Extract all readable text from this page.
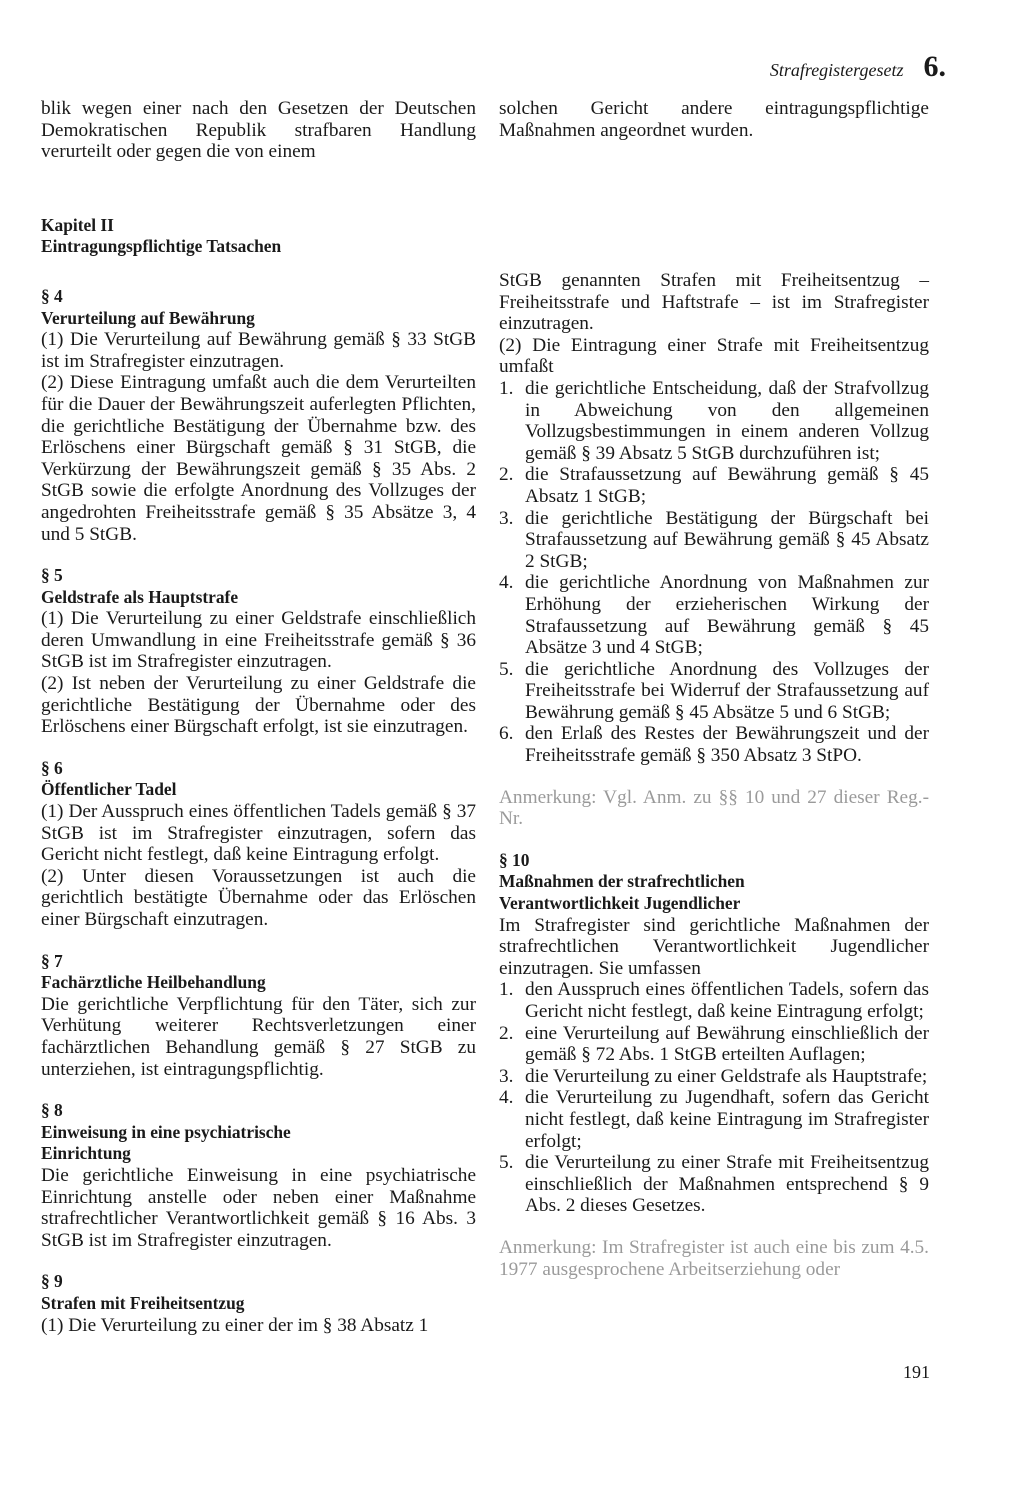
Strafregistergesetz 6.

blik wegen einer nach den Gesetzen der Deutschen Demokratischen Republik strafbaren Handlung verurteilt oder gegen die von einem

Kapitel II

Eintragungspflichtige Tatsachen

§ 4

Verurteilung auf Bewährung

(1) Die Verurteilung auf Bewährung gemäß § 33 StGB ist im Strafregister einzutragen.

(2) Diese Eintragung umfaßt auch die dem Verurteilten für die Dauer der Bewährungszeit auferlegten Pflichten, die gerichtliche Bestätigung der Übernahme bzw. des Erlöschens einer Bürgschaft gemäß § 31 StGB, die Verkürzung der Bewährungszeit gemäß § 35 Abs. 2 StGB sowie die erfolgte Anordnung des Vollzuges der angedrohten Freiheitsstrafe gemäß § 35 Absätze 3, 4 und 5 StGB.

§ 5

Geldstrafe als Hauptstrafe

(1) Die Verurteilung zu einer Geldstrafe einschließlich deren Umwandlung in eine Freiheitsstrafe gemäß § 36 StGB ist im Strafregister einzutragen.

(2) Ist neben der Verurteilung zu einer Geldstrafe die gerichtliche Bestätigung der Übernahme oder des Erlöschens einer Bürgschaft erfolgt, ist sie einzutragen.

§ 6

Öffentlicher Tadel

(1) Der Ausspruch eines öffentlichen Tadels gemäß § 37 StGB ist im Strafregister einzutragen, sofern das Gericht nicht festlegt, daß keine Eintragung erfolgt.

(2) Unter diesen Voraussetzungen ist auch die gerichtlich bestätigte Übernahme oder das Erlöschen einer Bürgschaft einzutragen.

§ 7

Fachärztliche Heilbehandlung

Die gerichtliche Verpflichtung für den Täter, sich zur Verhütung weiterer Rechtsverletzungen einer fachärztlichen Behandlung gemäß § 27 StGB zu unterziehen, ist eintragungspflichtig.

§ 8

Einweisung in eine psychiatrische

Einrichtung

Die gerichtliche Einweisung in eine psychiatrische Einrichtung anstelle oder neben einer Maßnahme strafrechtlicher Verantwortlichkeit gemäß § 16 Abs. 3 StGB ist im Strafregister einzutragen.

§ 9

Strafen mit Freiheitsentzug

(1) Die Verurteilung zu einer der im § 38 Absatz 1

solchen Gericht andere eintragungspflichtige Maßnahmen angeordnet wurden.

StGB genannten Strafen mit Freiheitsentzug – Freiheitsstrafe und Haftstrafe – ist im Strafregister einzutragen.

(2) Die Eintragung einer Strafe mit Freiheitsentzug umfaßt

1. die gerichtliche Entscheidung, daß der Strafvollzug in Abweichung von den allgemeinen Vollzugsbestimmungen in einem anderen Vollzug gemäß § 39 Absatz 5 StGB durchzuführen ist;
2. die Strafaussetzung auf Bewährung gemäß § 45 Absatz 1 StGB;
3. die gerichtliche Bestätigung der Bürgschaft bei Strafaussetzung auf Bewährung gemäß § 45 Absatz 2 StGB;
4. die gerichtliche Anordnung von Maßnahmen zur Erhöhung der erzieherischen Wirkung der Strafaussetzung auf Bewährung gemäß § 45 Absätze 3 und 4 StGB;
5. die gerichtliche Anordnung des Vollzuges der Freiheitsstrafe bei Widerruf der Strafaussetzung auf Bewährung gemäß § 45 Absätze 5 und 6 StGB;
6. den Erlaß des Restes der Bewährungszeit und der Freiheitsstrafe gemäß § 350 Absatz 3 StPO.

Anmerkung: Vgl. Anm. zu §§ 10 und 27 dieser Reg.-Nr.

§ 10

Maßnahmen der strafrechtlichen

Verantwortlichkeit Jugendlicher

Im Strafregister sind gerichtliche Maßnahmen der strafrechtlichen Verantwortlichkeit Jugendlicher einzutragen. Sie umfassen

1. den Ausspruch eines öffentlichen Tadels, sofern das Gericht nicht festlegt, daß keine Eintragung erfolgt;
2. eine Verurteilung auf Bewährung einschließlich der gemäß § 72 Abs. 1 StGB erteilten Auflagen;
3. die Verurteilung zu einer Geldstrafe als Hauptstrafe;
4. die Verurteilung zu Jugendhaft, sofern das Gericht nicht festlegt, daß keine Eintragung im Strafregister erfolgt;
5. die Verurteilung zu einer Strafe mit Freiheitsentzug einschließlich der Maßnahmen entsprechend § 9 Abs. 2 dieses Gesetzes.

Anmerkung: Im Strafregister ist auch eine bis zum 4.5. 1977 ausgesprochene Arbeitserziehung oder

191
